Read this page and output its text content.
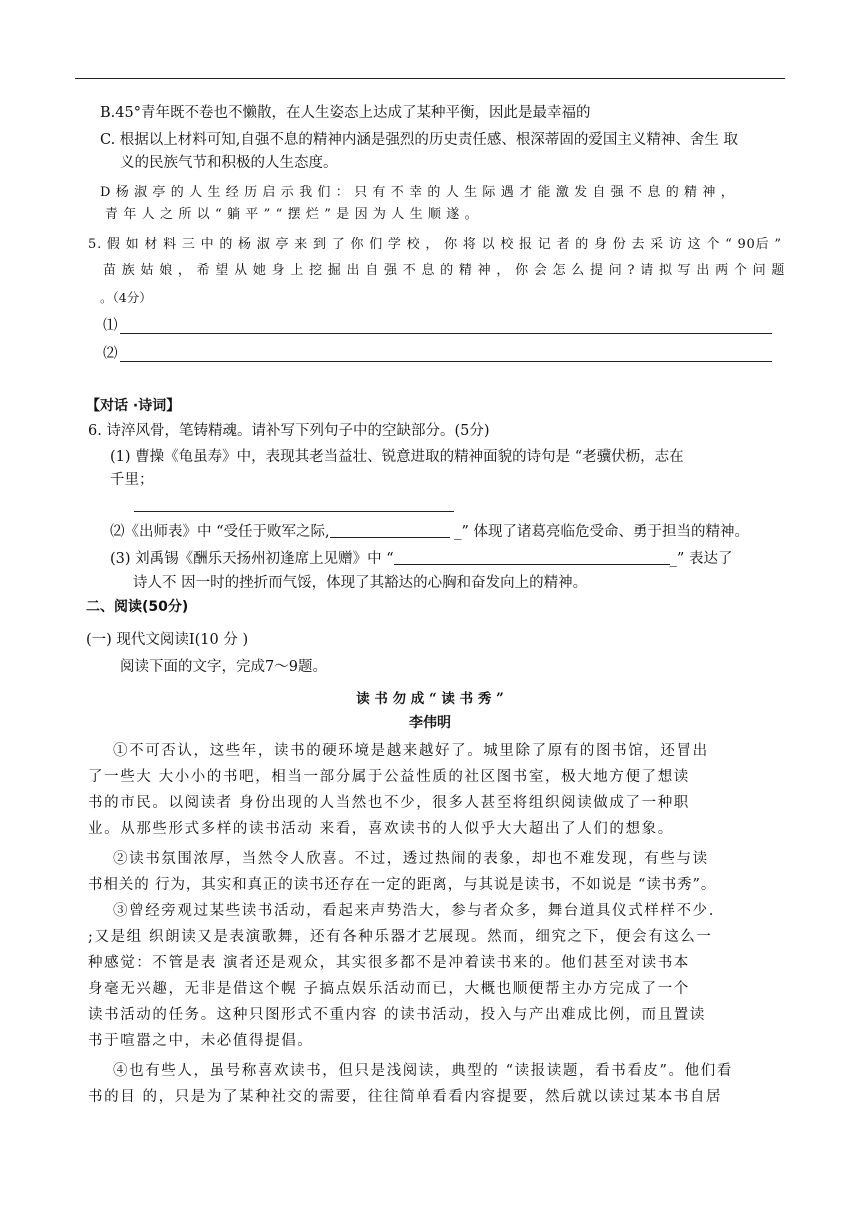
B.45°青年既不卷也不懒散，在人生姿态上达成了某种平衡，因此是最幸福的
C. 根据以上材料可知,自强不息的精神内涵是强烈的历史责任感、根深蒂固的爱国主义精神、舍生 取
义的民族气节和积极的人生态度。
D 杨 淑 亭 的 人 生 经 历 启 示 我 们 ： 只 有 不 幸 的 人 生 际 遇 才 能 激 发 自 强 不 息 的 精 神 ，
青 年 人 之 所 以 “ 躺 平 ” “ 摆 烂 ” 是 因 为 人 生 顺 遂 。
5. 假 如 材 料 三 中 的 杨 淑 亭 来 到 了 你 们 学 校 ， 你 将 以 校 报 记 者 的 身 份 去 采 访 这 个 “ 90后 ”
苗 族 姑 娘 ， 希 望 从 她 身 上 挖 掘 出 自 强 不 息 的 精 神 ， 你 会 怎 么 提 问 ? 请 拟 写 出 两 个 问 题
。（4分）
⑴
⑵
【对话 ·诗词】
6. 诗淬风骨，笔铸精魂。请补写下列句子中的空缺部分。(5分)
(1) 曹操《龟虽寿》中，表现其老当益壮、锐意进取的精神面貌的诗句是 “老骥伏枥，志在
千里；
⑵《出师表》中 “受任于败军之际,	_” 体现了诸葛亮临危受命、勇于担当的精神。
(3) 刘禹锡《酬乐天扬州初逢席上见赠》中 “	_” 表达了
诗人不 因一时的挫折而气馁，体现了其豁达的心胸和奋发向上的精神。
二、阅读(50分)
(一) 现代文阅读Ⅰ(10 分 )
阅读下面的文字，完成7～9题。
读 书 勿 成 “ 读 书 秀 ”
李伟明
①不可否认，这些年，读书的硬环境是越来越好了。城里除了原有的图书馆，还冒出
了一些大 大小小的书吧，相当一部分属于公益性质的社区图书室，极大地方便了想读
书的市民。以阅读者 身份出现的人当然也不少，很多人甚至将组织阅读做成了一种职
业。从那些形式多样的读书活动 来看，喜欢读书的人似乎大大超出了人们的想象。
②读书氛围浓厚，当然令人欣喜。不过，透过热闹的表象，却也不难发现，有些与读
书相关的 行为，其实和真正的读书还存在一定的距离，与其说是读书，不如说是 “读书秀”。
③曾经旁观过某些读书活动，看起来声势浩大，参与者众多，舞台道具仪式样样不少.
;又是组 织朗读又是表演歌舞，还有各种乐器才艺展现。然而，细究之下，便会有这么一
种感觉：不管是表 演者还是观众，其实很多都不是冲着读书来的。他们甚至对读书本
身毫无兴趣，无非是借这个幌 子搞点娱乐活动而已，大概也顺便帮主办方完成了一个
读书活动的任务。这种只图形式不重内容 的读书活动，投入与产出难成比例，而且置读
书于喧嚣之中，未必值得提倡。
④也有些人，虽号称喜欢读书，但只是浅阅读，典型的 “读报读题，看书看皮”。他们看
书的目 的，只是为了某种社交的需要，往往简单看看内容提要，然后就以读过某本书自居
